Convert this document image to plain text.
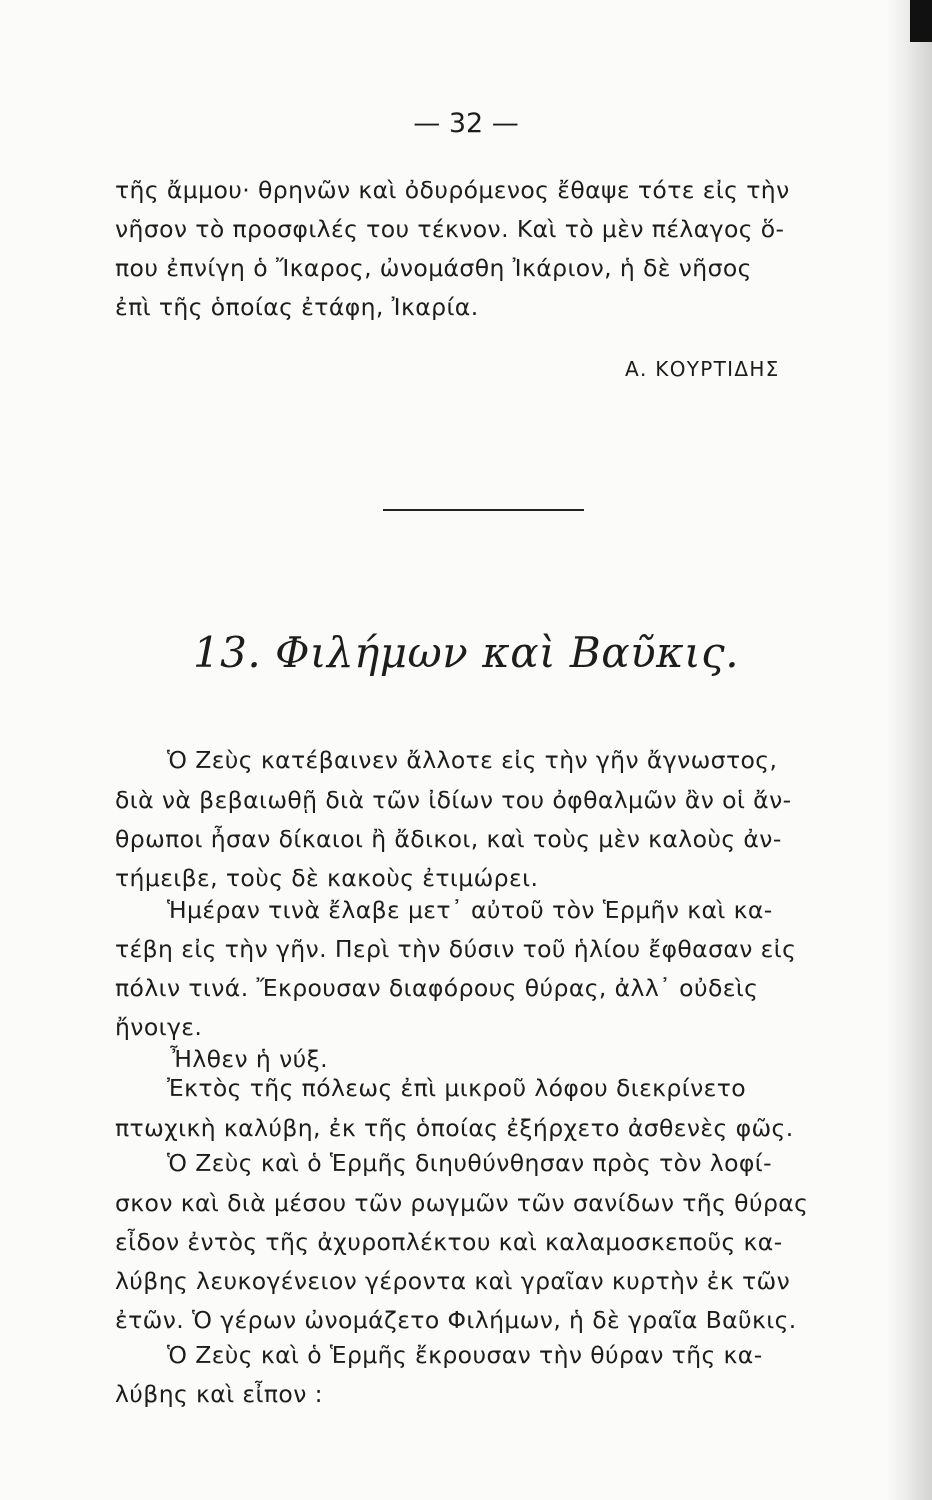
— 32 —
τῆς ἄμμου· θρηνῶν καὶ ὀδυρόμενος ἔθαψε τότε εἰς τὴν
νῆσον τὸ προσφιλές του τέκνον. Καὶ τὸ μὲν πέλαγος ὅ-
που ἐπνίγη ὁ Ἴκαρος, ὠνομάσθη Ἰκάριον, ἡ δὲ νῆσος
ἐπὶ τῆς ὁποίας ἐτάφη, Ἰκαρία.
Α. ΚΟΥΡΤΙΔΗΣ
13. Φιλήμων καὶ Βαῦκις.
Ὁ Ζεὺς κατέβαινεν ἄλλοτε εἰς τὴν γῆν ἄγνωστος,
διὰ νὰ βεβαιωθῇ διὰ τῶν ἰδίων του ὀφθαλμῶν ἂν οἱ ἄν-
θρωποι ἦσαν δίκαιοι ἢ ἄδικοι, καὶ τοὺς μὲν καλοὺς ἀν-
τήμειβε, τοὺς δὲ κακοὺς ἐτιμώρει.
Ἡμέραν τινὰ ἔλαβε μετ᾽ αὐτοῦ τὸν Ἑρμῆν καὶ κα-
τέβη εἰς τὴν γῆν. Περὶ τὴν δύσιν τοῦ ἡλίου ἔφθασαν εἰς
πόλιν τινά. Ἔκρουσαν διαφόρους θύρας, ἀλλ᾽ οὐδεὶς
ἤνοιγε.
Ἦλθεν ἡ νύξ.
Ἐκτὸς τῆς πόλεως ἐπὶ μικροῦ λόφου διεκρίνετο
πτωχικὴ καλύβη, ἐκ τῆς ὁποίας ἐξήρχετο ἀσθενὲς φῶς.
Ὁ Ζεὺς καὶ ὁ Ἑρμῆς διηυθύνθησαν πρὸς τὸν λοφί-
σκον καὶ διὰ μέσου τῶν ρωγμῶν τῶν σανίδων τῆς θύρας
εἶδον ἐντὸς τῆς ἀχυροπλέκτου καὶ καλαμοσκεποῦς κα-
λύβης λευκογένειον γέροντα καὶ γραῖαν κυρτὴν ἐκ τῶν
ἐτῶν. Ὁ γέρων ὠνομάζετο Φιλήμων, ἡ δὲ γραῖα Βαῦκις.
Ὁ Ζεὺς καὶ ὁ Ἑρμῆς ἔκρουσαν τὴν θύραν τῆς κα-
λύβης καὶ εἶπον :
